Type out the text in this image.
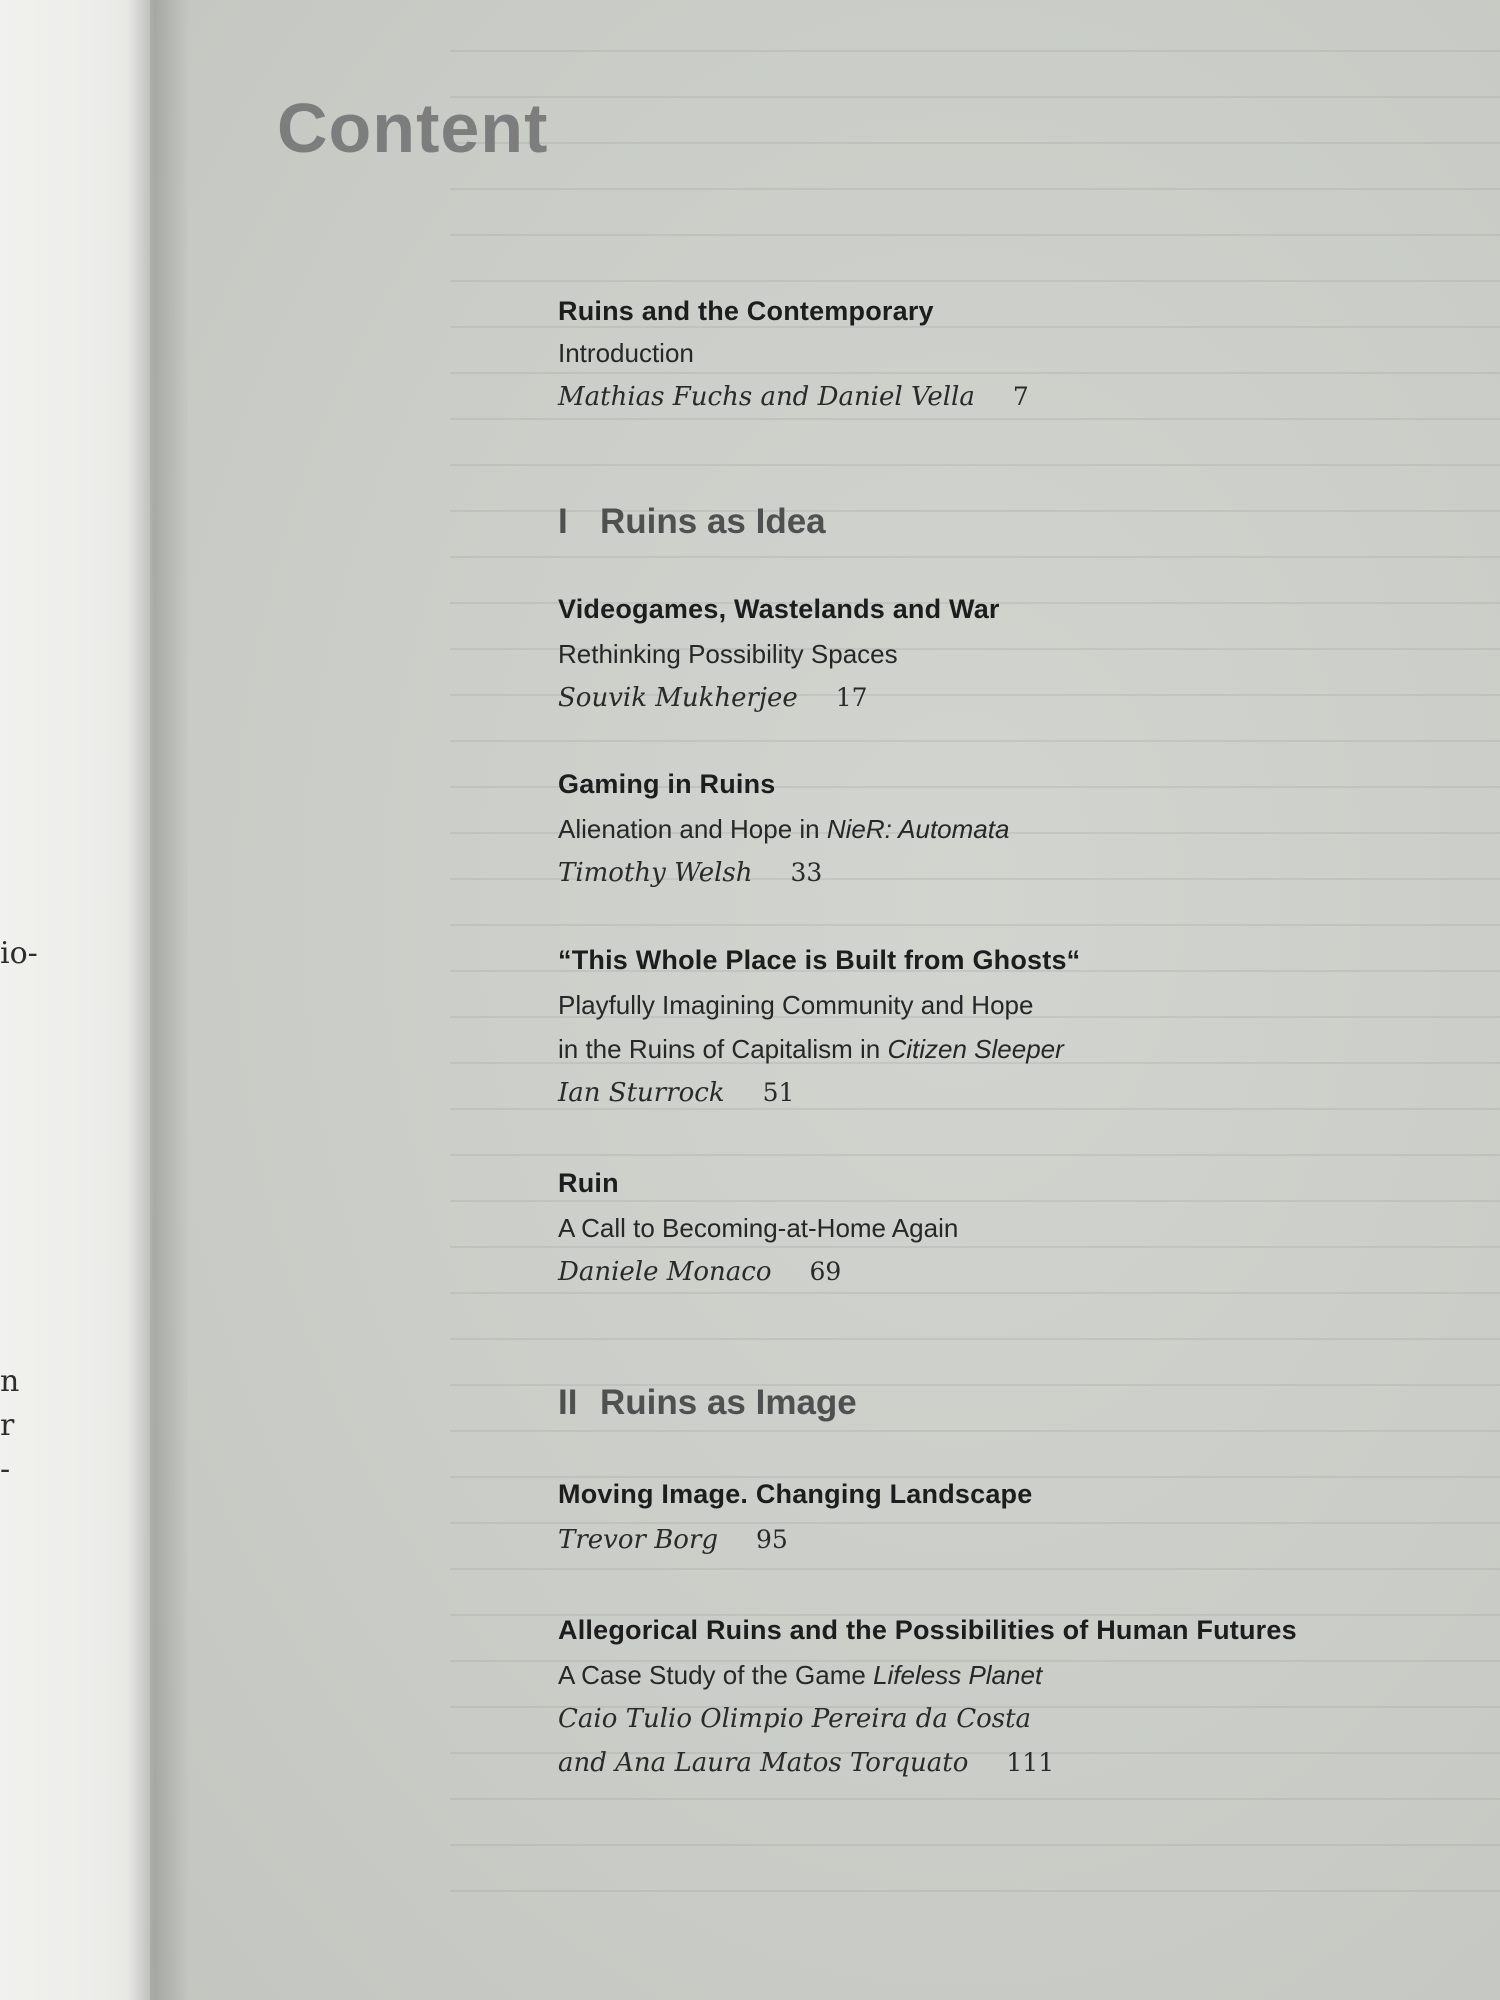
io-
n
r
-
Content
Ruins and the Contemporary
Introduction
Mathias Fuchs and Daniel Vella 7
I Ruins as Idea
Videogames, Wastelands and War
Rethinking Possibility Spaces
Souvik Mukherjee 17
Gaming in Ruins
Alienation and Hope in NieR: Automata
Timothy Welsh 33
“This Whole Place is Built from Ghosts“
Playfully Imagining Community and Hope
in the Ruins of Capitalism in Citizen Sleeper
Ian Sturrock 51
Ruin
A Call to Becoming-at-Home Again
Daniele Monaco 69
II Ruins as Image
Moving Image. Changing Landscape
Trevor Borg 95
Allegorical Ruins and the Possibilities of Human Futures
A Case Study of the Game Lifeless Planet
Caio Tulio Olimpio Pereira da Costa
and Ana Laura Matos Torquato 111
